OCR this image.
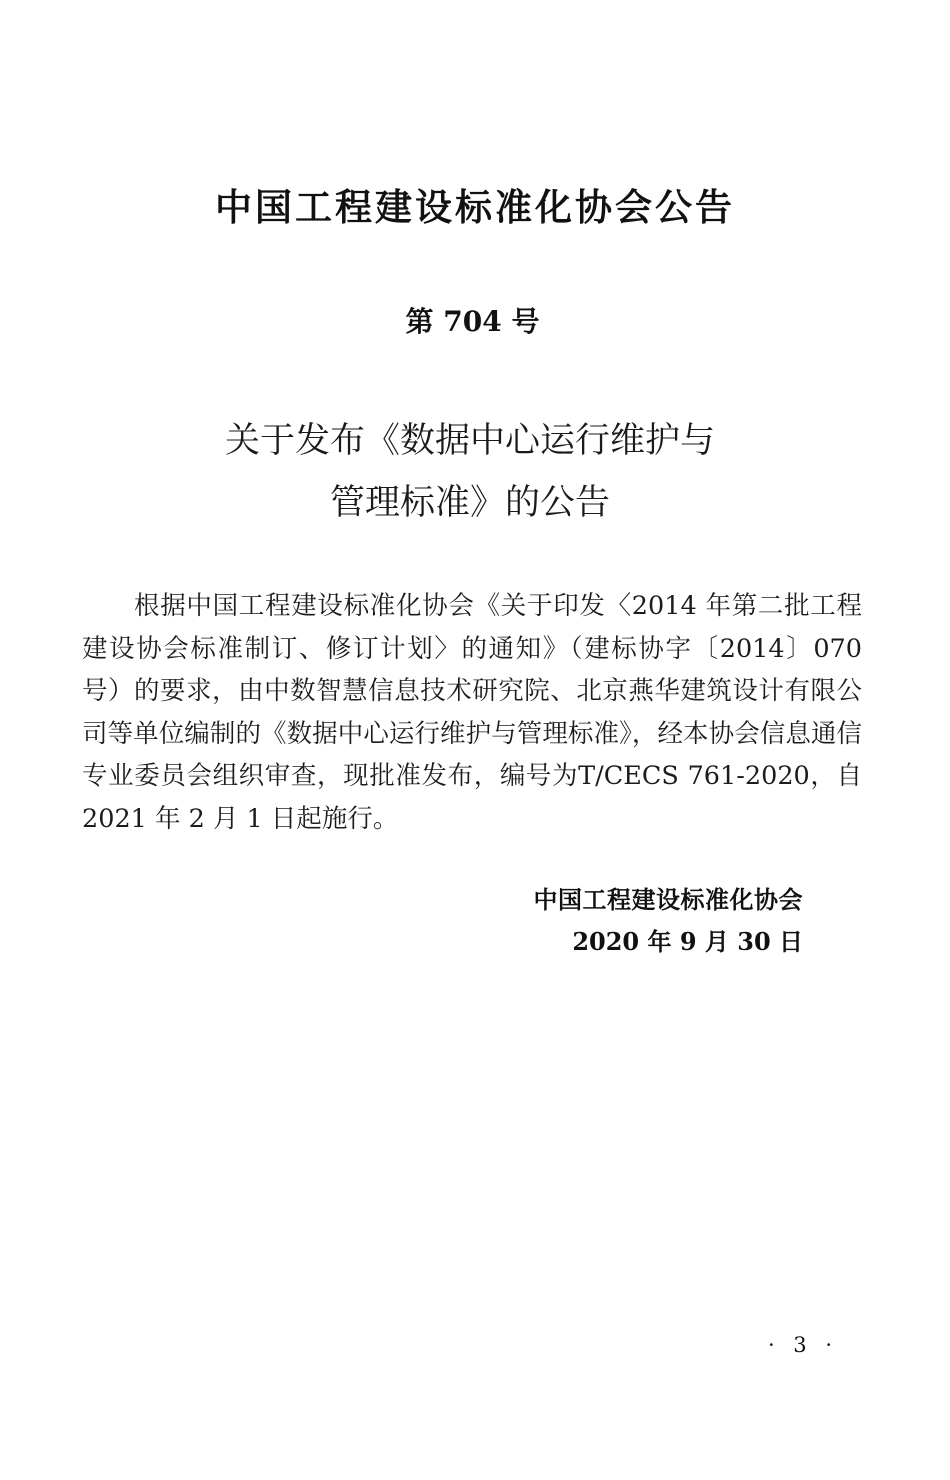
中国工程建设标准化协会公告
第 704 号
关于发布《数据中心运行维护与
管理标准》的公告

根据中国工程建设标准化协会《关于印发〈2014 年第二批工程建设协会标准制订、修订计划〉的通知》（建标协字〔2014〕070 号）的要求，由中数智慧信息技术研究院、北京燕华建筑设计有限公司等单位编制的《数据中心运行维护与管理标准》，经本协会信息通信专业委员会组织审查，现批准发布，编号为T/CECS 761-2020，自 2021 年 2 月 1 日起施行。

中国工程建设标准化协会
2020 年 9 月 30 日
· 3 ·
